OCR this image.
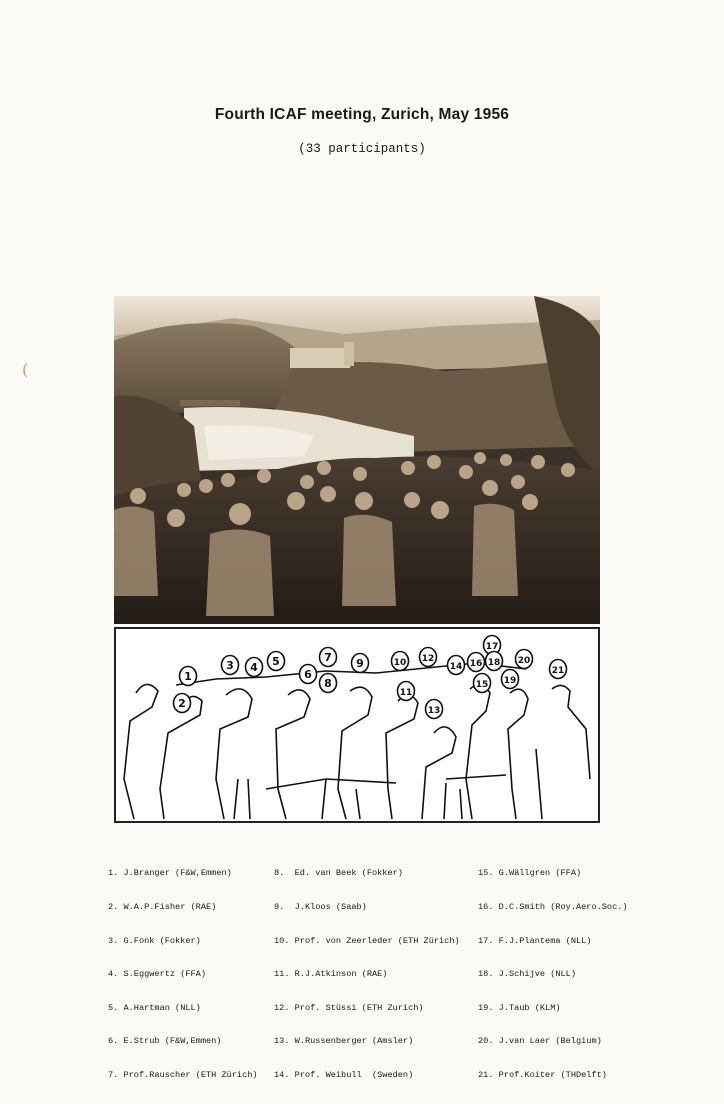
Fourth ICAF meeting, Zurich, May 1956
(33 participants)
(
1
2
3 4 5
6
7
8
9	10
11
12
13
14
15
16
17
18
19
20
21

1. J.Branger (F&W,Emmen)

2. W.A.P.Fisher (RAE)

3. G.Fonk (Fokker)

4. S.Eggwertz (FFA)

5. A.Hartman (NLL)

6. E.Strub (F&W,Emmen)

7. Prof.Rauscher (ETH Zürich)

8.  Ed. van Beek (Fokker)

9.  J.Kloos (Saab)

10. Prof. von Zeerleder (ETH Zürich)

11. R.J.Atkinson (RAE)

12. Prof. Stüssi (ETH Zurich)

13. W.Russenberger (Amsler)

14. Prof. Weibull  (Sweden)

15. G.Wällgren (FFA)

16. D.C.Smith (Roy.Aero.Soc.)

17. F.J.Plantema (NLL)

18. J.Schijve (NLL)

19. J.Taub (KLM)

20. J.van Laer (Belgium)

21. Prof.Koiter (THDelft)
